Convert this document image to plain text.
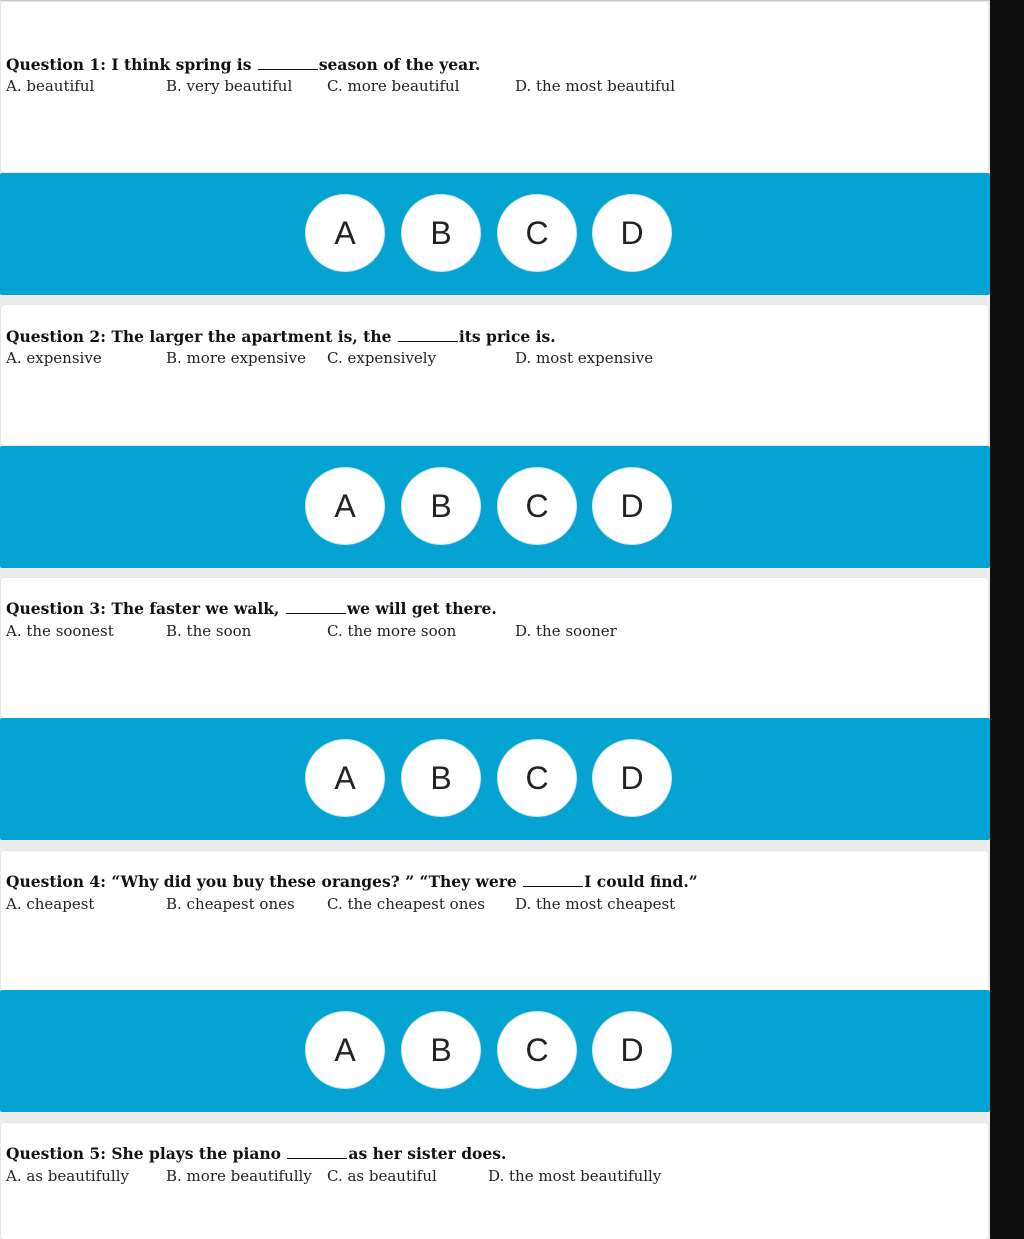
Question 1: I think spring is	season of the year.
A. beautiful	B. very beautiful C. more beautiful	D. the most beautiful
A	B	C	D
Question 2: The larger the apartment is, the	its price is.
A. expensive	B. more expensive C. expensively	D. most expensive
A	B	C	D
Question 3: The faster we walk,	we will get there.
A. the soonest	B. the soon	C. the more soon	D. the sooner
A	B	C	D
Question 4: “Why did you buy these oranges? ” “They were	I could find.”
A. cheapest	B. cheapest ones C. the cheapest ones D. the most cheapest
A	B	C	D
Question 5: She plays the piano	as her sister does.
A. as beautifully B. more beautifully C. as beautiful	D. the most beautifully
